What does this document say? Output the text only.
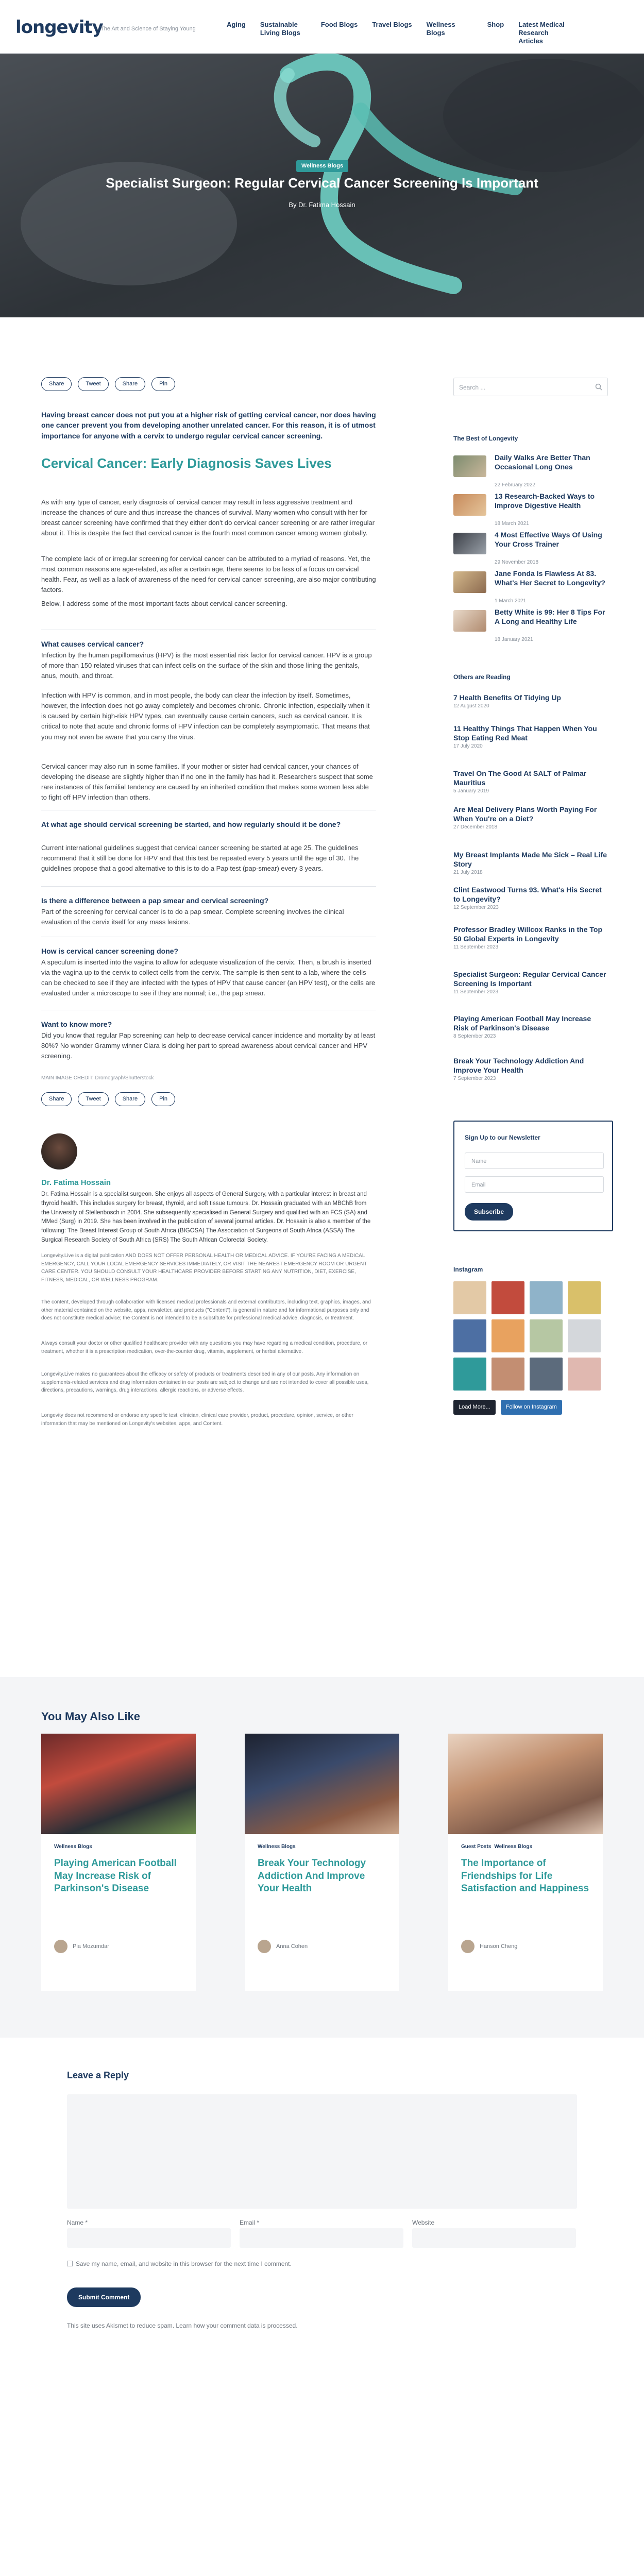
longevity
The Art and Science of Staying Young
Aging Sustainable Living Blogs
Food Blogs Travel Blogs Wellness Blogs
Shop Latest Medical Research Articles
Wellness Blogs
Specialist Surgeon: Regular Cervical Cancer Screening Is Important
By Dr. Fatima Hossain
Share	Tweet	Share	Pin
Having breast cancer does not put you at a higher risk of getting cervical cancer, nor does having one cancer prevent you from developing another unrelated cancer. For this reason, it is of utmost importance for anyone with a cervix to undergo regular cervical cancer screening.
Cervical Cancer: Early Diagnosis Saves Lives
As with any type of cancer, early diagnosis of cervical cancer may result in less aggressive treatment and increase the chances of cure and thus increase the chances of survival. Many women who consult with her for breast cancer screening have confirmed that they either don't do cervical cancer screening or are rather irregular about it. This is despite the fact that cervical cancer is the fourth most common cancer among women globally.
The complete lack of or irregular screening for cervical cancer can be attributed to a myriad of reasons. Yet, the most common reasons are age-related, as after a certain age, there seems to be less of a focus on cervical health. Fear, as well as a lack of awareness of the need for cervical cancer screening, are also major contributing factors.
Below, I address some of the most important facts about cervical cancer screening.
What causes cervical cancer?
Infection by the human papillomavirus (HPV) is the most essential risk factor for cervical cancer. HPV is a group of more than 150 related viruses that can infect cells on the surface of the skin and those lining the genitals, anus, mouth, and throat.
Infection with HPV is common, and in most people, the body can clear the infection by itself. Sometimes, however, the infection does not go away completely and becomes chronic. Chronic infection, especially when it is caused by certain high-risk HPV types, can eventually cause certain cancers, such as cervical cancer. It is critical to note that acute and chronic forms of HPV infection can be completely asymptomatic. That means that you may not even be aware that you carry the virus.
Cervical cancer may also run in some families. If your mother or sister had cervical cancer, your chances of developing the disease are slightly higher than if no one in the family has had it. Researchers suspect that some rare instances of this familial tendency are caused by an inherited condition that makes some women less able to fight off HPV infection than others.
At what age should cervical screening be started, and how regularly should it be done?
Current international guidelines suggest that cervical cancer screening be started at age 25. The guidelines recommend that it still be done for HPV and that this test be repeated every 5 years until the age of 30. The guidelines propose that a good alternative to this is to do a Pap test (pap-smear) every 3 years.
Is there a difference between a pap smear and cervical screening?
Part of the screening for cervical cancer is to do a pap smear. Complete screening involves the clinical evaluation of the cervix itself for any mass lesions.
How is cervical cancer screening done?
A speculum is inserted into the vagina to allow for adequate visualization of the cervix. Then, a brush is inserted via the vagina up to the cervix to collect cells from the cervix. The sample is then sent to a lab, where the cells can be checked to see if they are infected with the types of HPV that cause cancer (an HPV test), or the cells are evaluated under a microscope to see if they are normal; i.e., the pap smear.
Want to know more?
Did you know that regular Pap screening can help to decrease cervical cancer incidence and mortality by at least 80%? No wonder Grammy winner Ciara is doing her part to spread awareness about cervical cancer and HPV screening.
MAIN IMAGE CREDIT: Dromograph/Shutterstock
Share	Tweet	Share	Pin
Dr. Fatima Hossain
Dr. Fatima Hossain is a specialist surgeon. She enjoys all aspects of General Surgery, with a particular interest in breast and thyroid health. This includes surgery for breast, thyroid, and soft tissue tumours. Dr. Hossain graduated with an MBChB from the University of Stellenbosch in 2004. She subsequently specialised in General Surgery and qualified with an FCS (SA) and MMed (Surg) in 2019. She has been involved in the publication of several journal articles. Dr. Hossain is also a member of the following: The Breast Interest Group of South Africa (BIGOSA) The Association of Surgeons of South Africa (ASSA) The Surgical Research Society of South Africa (SRS) The South African Colorectal Society.
Longevity.Live is a digital publication AND DOES NOT OFFER PERSONAL HEALTH OR MEDICAL ADVICE. IF YOU'RE FACING A MEDICAL EMERGENCY, CALL YOUR LOCAL EMERGENCY SERVICES IMMEDIATELY, OR VISIT THE NEAREST EMERGENCY ROOM OR URGENT CARE CENTER. YOU SHOULD CONSULT YOUR HEALTHCARE PROVIDER BEFORE STARTING ANY NUTRITION, DIET, EXERCISE, FITNESS, MEDICAL, OR WELLNESS PROGRAM.
The content, developed through collaboration with licensed medical professionals and external contributors, including text, graphics, images, and other material contained on the website, apps, newsletter, and products ("Content"), is general in nature and for informational purposes only and does not constitute medical advice; the Content is not intended to be a substitute for professional medical advice, diagnosis, or treatment.
Always consult your doctor or other qualified healthcare provider with any questions you may have regarding a medical condition, procedure, or treatment, whether it is a prescription medication, over-the-counter drug, vitamin, supplement, or herbal alternative.
Longevity.Live makes no guarantees about the efficacy or safety of products or treatments described in any of our posts. Any information on supplements-related services and drug information contained in our posts are subject to change and are not intended to cover all possible uses, directions, precautions, warnings, drug interactions, allergic reactions, or adverse effects.
Longevity does not recommend or endorse any specific test, clinician, clinical care provider, product, procedure, opinion, service, or other information that may be mentioned on Longevity's websites, apps, and Content.
Search ...
The Best of Longevity
Daily Walks Are Better Than Occasional Long Ones
22 February 2022
13 Research-Backed Ways to Improve Digestive Health
18 March 2021
4 Most Effective Ways Of Using Your Cross Trainer
29 November 2018
Jane Fonda Is Flawless At 83. What's Her Secret to Longevity?
1 March 2021
Betty White is 99: Her 8 Tips For A Long and Healthy Life
18 January 2021
Others are Reading
7 Health Benefits Of Tidying Up
12 August 2020
11 Healthy Things That Happen When You Stop Eating Red Meat
17 July 2020
Travel On The Good At SALT of Palmar Mauritius
5 January 2019
Are Meal Delivery Plans Worth Paying For When You're on a Diet?
27 December 2018
My Breast Implants Made Me Sick – Real Life Story
21 July 2018
Clint Eastwood Turns 93. What's His Secret to Longevity?
12 September 2023
Professor Bradley Willcox Ranks in the Top 50 Global Experts in Longevity
11 September 2023
Specialist Surgeon: Regular Cervical Cancer Screening Is Important
11 September 2023
Playing American Football May Increase Risk of Parkinson's Disease
8 September 2023
Break Your Technology Addiction And Improve Your Health
7 September 2023
Sign Up to our Newsletter
Name
Email
Subscribe
Instagram
Load More...	Follow on Instagram
You May Also Like
Wellness Blogs
Playing American Football May Increase Risk of Parkinson's Disease
Pia Mozumdar
Wellness Blogs
Break Your Technology Addiction And Improve Your Health
Anna Cohen
Guest Posts Wellness Blogs
The Importance of Friendships for Life Satisfaction and Happiness
Hanson Cheng
Leave a Reply
Name *	Email *	Website
Save my name, email, and website in this browser for the next time I comment.
Submit Comment
This site uses Akismet to reduce spam. Learn how your comment data is processed.
